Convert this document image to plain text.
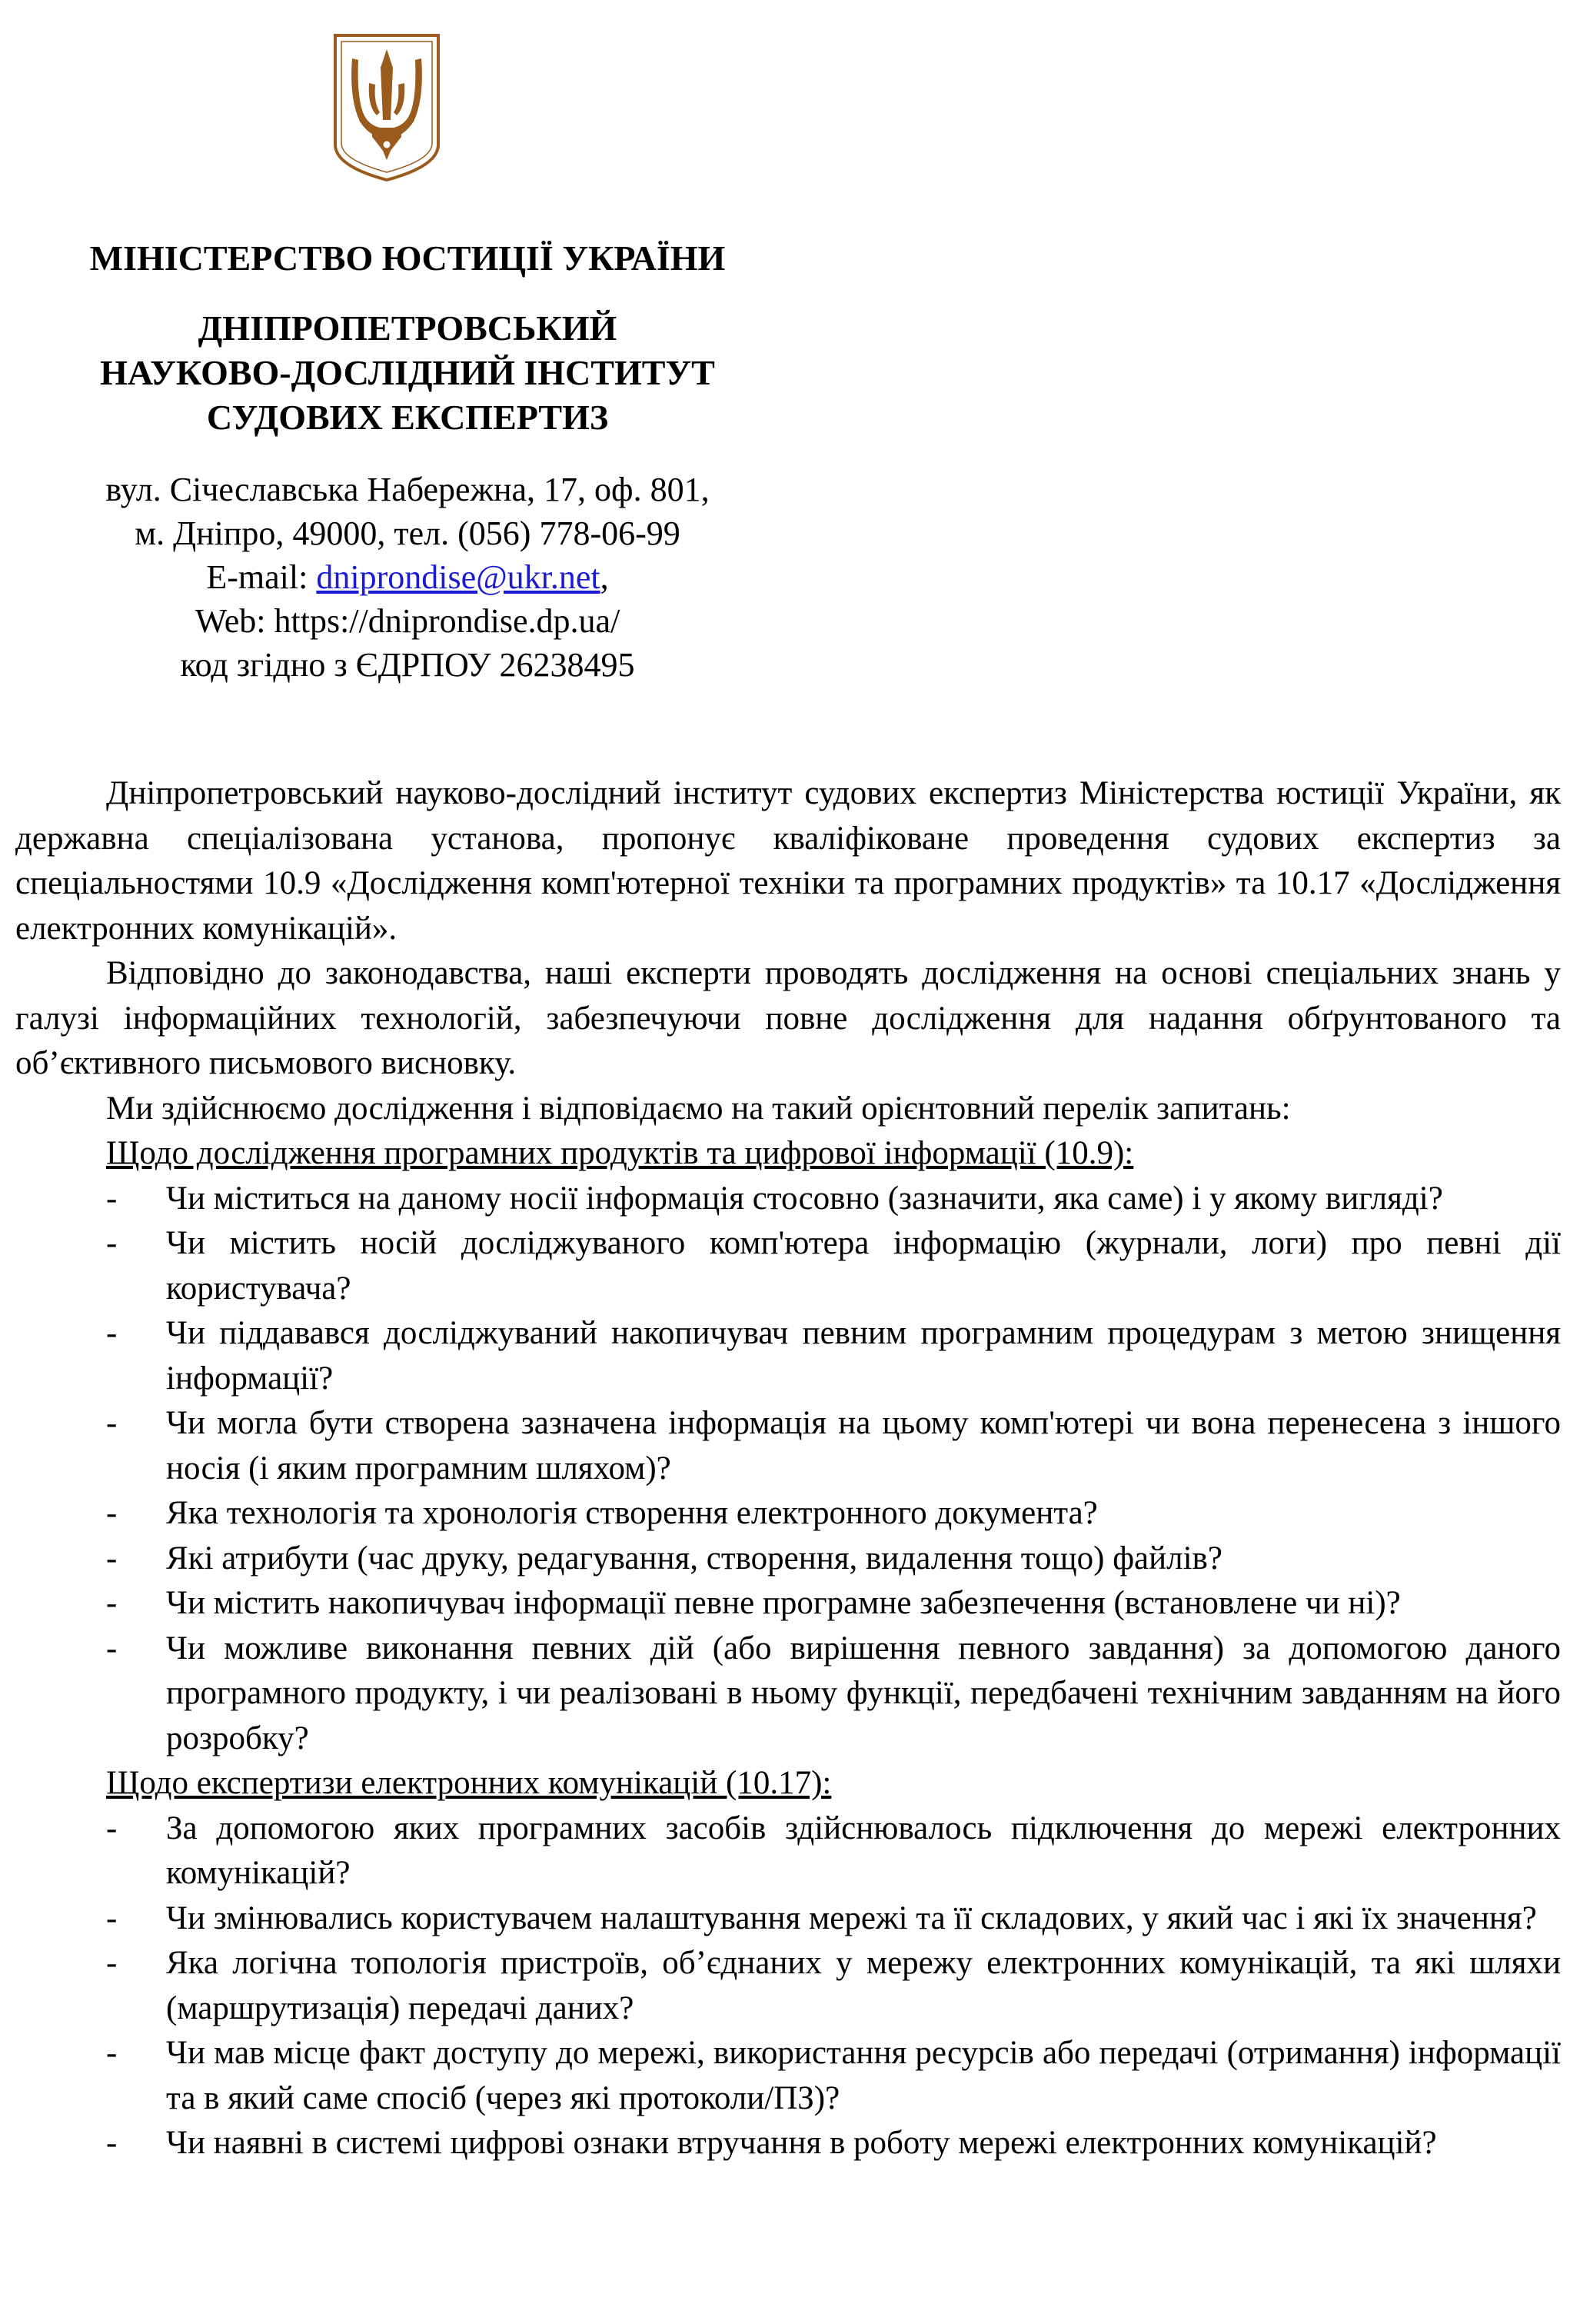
МІНІСТЕРСТВО ЮСТИЦІЇ УКРАЇНИ
ДНІПРОПЕТРОВСЬКИЙ
НАУКОВО-ДОСЛІДНИЙ ІНСТИТУТ
СУДОВИХ ЕКСПЕРТИЗ
вул. Січеславська Набережна, 17, оф. 801,
м. Дніпро, 49000, тел. (056) 778-06-99
E-mail: dniprondise@ukr.net,
Web: https://dniprondise.dp.ua/
код згідно з ЄДРПОУ 26238495

Дніпропетровський науково-дослідний інститут судових експертиз Міністерства юстиції України, як державна спеціалізована установа, пропонує кваліфіковане проведення судових експертиз за спеціальностями 10.9 «Дослідження комп'ютерної техніки та програмних продуктів» та 10.17 «Дослідження електронних комунікацій».

Відповідно до законодавства, наші експерти проводять дослідження на основі спеціальних знань у галузі інформаційних технологій, забезпечуючи повне дослідження для надання обґрунтованого та об’єктивного письмового висновку.

Ми здійснюємо дослідження і відповідаємо на такий орієнтовний перелік запитань:
Щодо дослідження програмних продуктів та цифрової інформації (10.9):
- Чи міститься на даному носії інформація стосовно (зазначити, яка саме) і у якому вигляді?
- Чи містить носій досліджуваного комп'ютера інформацію (журнали, логи) про певні дії користувача?
- Чи піддавався досліджуваний накопичувач певним програмним процедурам з метою знищення інформації?
- Чи могла бути створена зазначена інформація на цьому комп'ютері чи вона перенесена з іншого носія (і яким програмним шляхом)?
- Яка технологія та хронологія створення електронного документа?
- Які атрибути (час друку, редагування, створення, видалення тощо) файлів?
- Чи містить накопичувач інформації певне програмне забезпечення (встановлене чи ні)?
- Чи можливе виконання певних дій (або вирішення певного завдання) за допомогою даного програмного продукту, і чи реалізовані в ньому функції, передбачені технічним завданням на його розробку?
Щодо експертизи електронних комунікацій (10.17):
- За допомогою яких програмних засобів здійснювалось підключення до мережі електронних комунікацій?
- Чи змінювались користувачем налаштування мережі та її складових, у який час і які їх значення?
- Яка логічна топологія пристроїв, об’єднаних у мережу електронних комунікацій, та які шляхи (маршрутизація) передачі даних?
- Чи мав місце факт доступу до мережі, використання ресурсів або передачі (отримання) інформації та в який саме спосіб (через які протоколи/ПЗ)?
- Чи наявні в системі цифрові ознаки втручання в роботу мережі електронних комунікацій?
